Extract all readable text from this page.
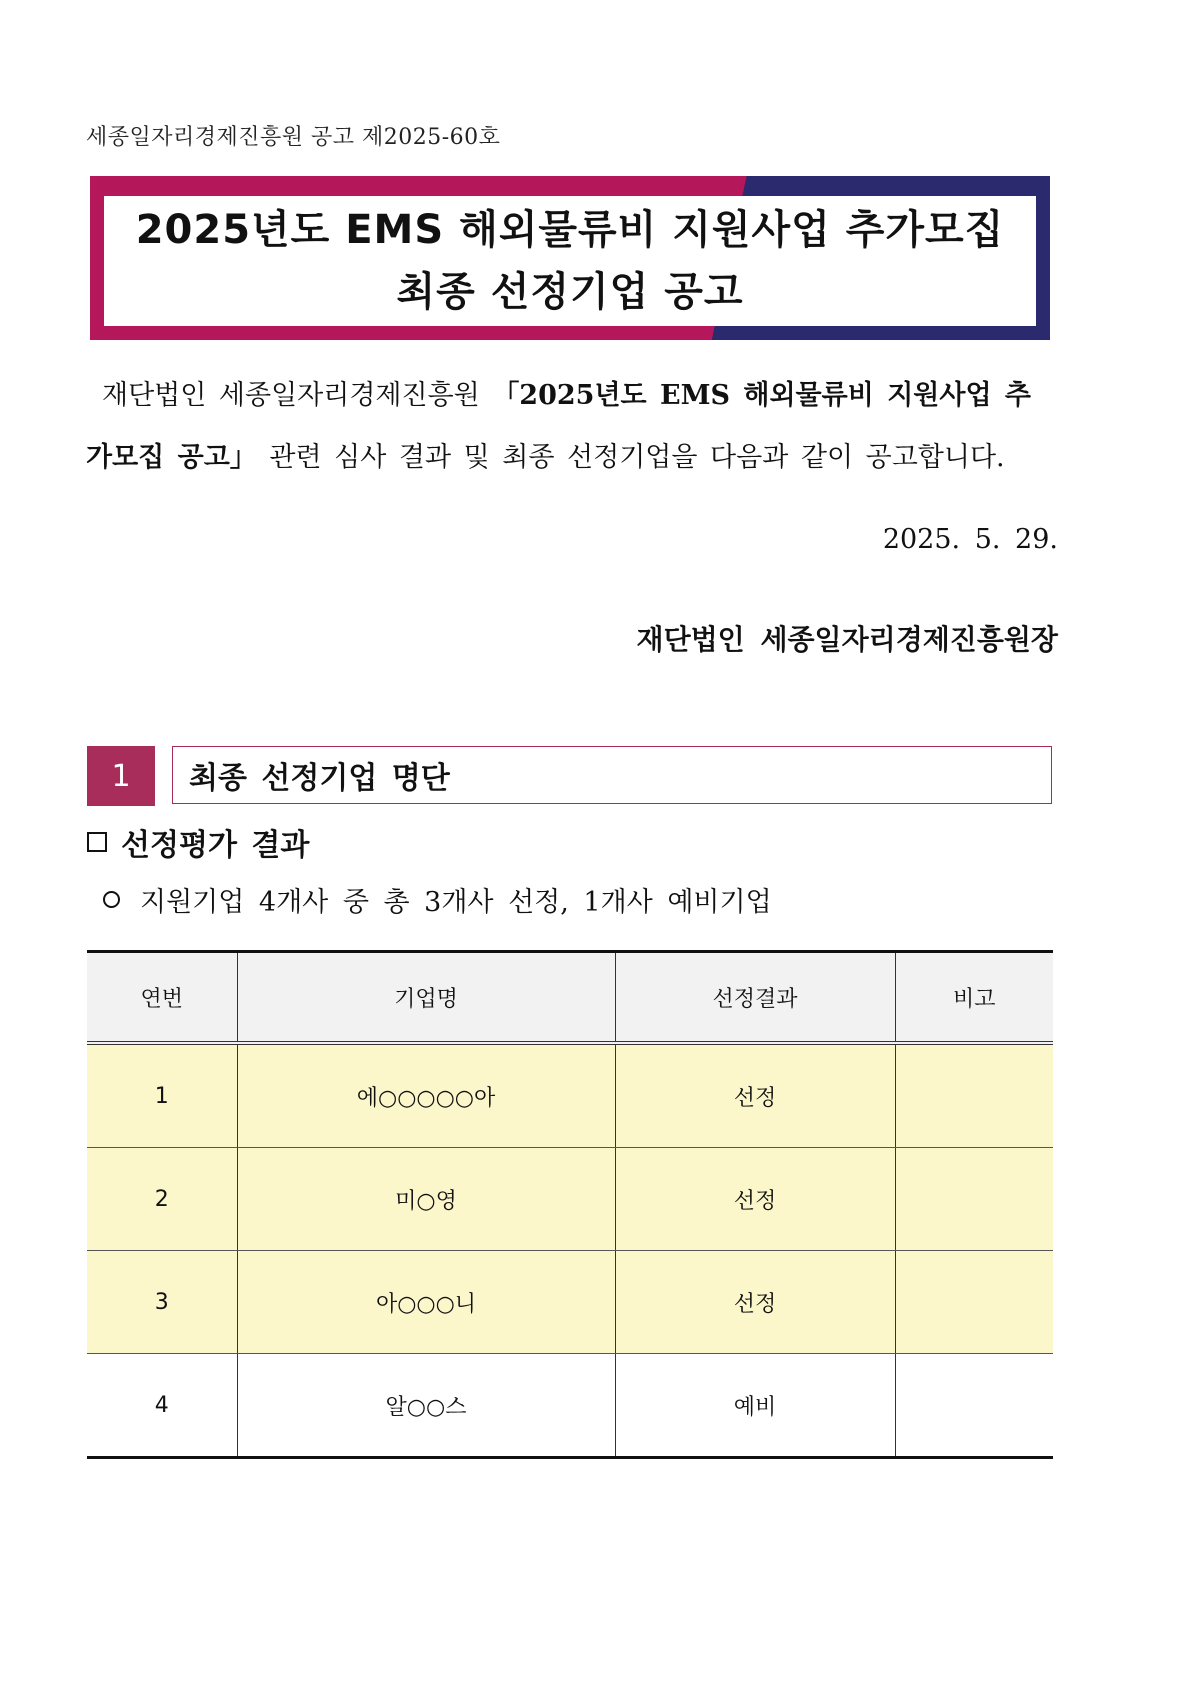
세종일자리경제진흥원 공고 제2025-60호
2025년도 EMS 해외물류비 지원사업 추가모집
최종 선정기업 공고
재단법인 세종일자리경제진흥원 「2025년도 EMS 해외물류비 지원사업 추가모집 공고」 관련 심사 결과 및 최종 선정기업을 다음과 같이 공고합니다.
2025. 5. 29.
재단법인 세종일자리경제진흥원장
1	최종 선정기업 명단
선정평가 결과
지원기업 4개사 중 총 3개사 선정, 1개사 예비기업
연번	기업명	선정결과	비고
1	에○○○○○아	선정	
2	미○영	선정	
3	아○○○니	선정	
4	알○○스	예비	
